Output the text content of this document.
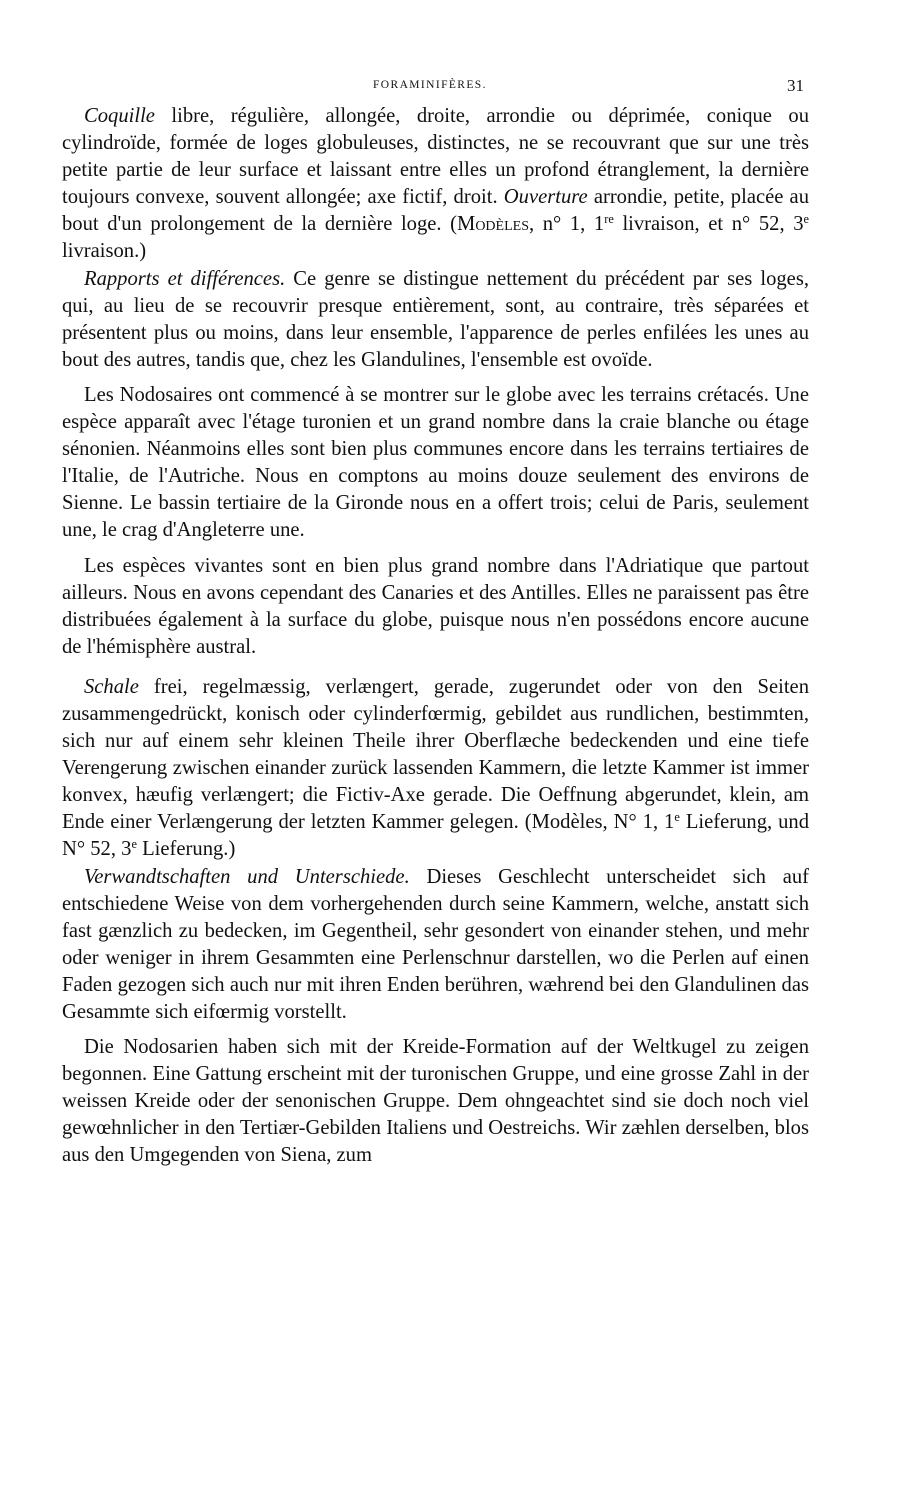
FORAMINIFÈRES.	31

Coquille libre, régulière, allongée, droite, arrondie ou déprimée, conique ou cylindroïde, formée de loges globuleuses, distinctes, ne se recouvrant que sur une très petite partie de leur surface et laissant entre elles un profond étranglement, la dernière toujours convexe, souvent allongée; axe fictif, droit. Ouverture arrondie, petite, placée au bout d'un prolongement de la dernière loge. (Modèles, n° 1, 1re livraison, et n° 52, 3e livraison.)

Rapports et différences. Ce genre se distingue nettement du précédent par ses loges, qui, au lieu de se recouvrir presque entièrement, sont, au contraire, très séparées et présentent plus ou moins, dans leur ensemble, l'apparence de perles enfilées les unes au bout des autres, tandis que, chez les Glandulines, l'ensemble est ovoïde.

Les Nodosaires ont commencé à se montrer sur le globe avec les terrains crétacés. Une espèce apparaît avec l'étage turonien et un grand nombre dans la craie blanche ou étage sénonien. Néanmoins elles sont bien plus communes encore dans les terrains tertiaires de l'Italie, de l'Autriche. Nous en comptons au moins douze seulement des environs de Sienne. Le bassin tertiaire de la Gironde nous en a offert trois; celui de Paris, seulement une, le crag d'Angleterre une.

Les espèces vivantes sont en bien plus grand nombre dans l'Adriatique que partout ailleurs. Nous en avons cependant des Canaries et des Antilles. Elles ne paraissent pas être distribuées également à la surface du globe, puisque nous n'en possédons encore aucune de l'hémisphère austral.

Schale frei, regelmæssig, verlængert, gerade, zugerundet oder von den Seiten zusammengedrückt, konisch oder cylinderfœrmig, gebildet aus rundlichen, bestimmten, sich nur auf einem sehr kleinen Theile ihrer Oberflæche bedeckenden und eine tiefe Verengerung zwischen einander zurück lassenden Kammern, die letzte Kammer ist immer konvex, hæufig verlængert; die Fictiv-Axe gerade. Die Oeffnung abgerundet, klein, am Ende einer Verlængerung der letzten Kammer gelegen. (Modèles, N° 1, 1e Lieferung, und N° 52, 3e Lieferung.)

Verwandtschaften und Unterschiede. Dieses Geschlecht unterscheidet sich auf entschiedene Weise von dem vorhergehenden durch seine Kammern, welche, anstatt sich fast gænzlich zu bedecken, im Gegentheil, sehr gesondert von einander stehen, und mehr oder weniger in ihrem Gesammten eine Perlenschnur darstellen, wo die Perlen auf einen Faden gezogen sich auch nur mit ihren Enden berühren, wæhrend bei den Glandulinen das Gesammte sich eifœrmig vorstellt.

Die Nodosarien haben sich mit der Kreide-Formation auf der Weltkugel zu zeigen begonnen. Eine Gattung erscheint mit der turonischen Gruppe, und eine grosse Zahl in der weissen Kreide oder der senonischen Gruppe. Dem ohngeachtet sind sie doch noch viel gewœhnlicher in den Tertiær-Gebilden Italiens und Oestreichs. Wir zæhlen derselben, blos aus den Umgegenden von Siena, zum
